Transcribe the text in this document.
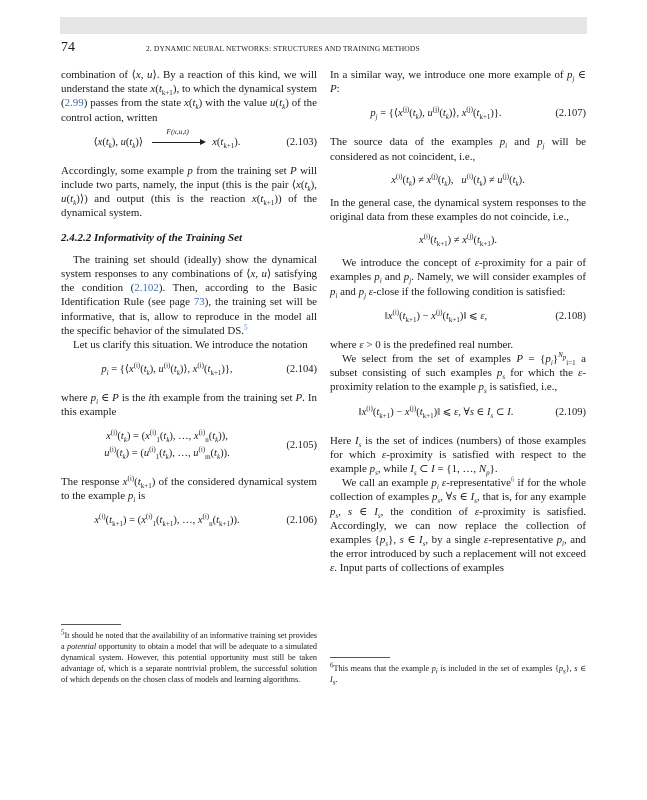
74	2. DYNAMIC NEURAL NETWORKS: STRUCTURES AND TRAINING METHODS

combination of ⟨x, u⟩. By a reaction of this kind, we will understand the state $x(t_{k+1})$, to which the dynamical system (2.99) passes from the state $x(t_k)$ with the value $u(t_k)$ of the control action, written

$⟨x(t_k)$, $u(t_k)⟩$
F(x,u,t)
$x(t_{k+1})$.	(2.103)

Accordingly, some example p from the training set P will include two parts, namely, the input (this is the pair $⟨x(t_k)$, $u(t_k)⟩$) and output (this is the reaction $x(t_{k+1})$) of the dynamical system.

2.4.2.2 Informativity of the Training Set

The training set should (ideally) show the dynamical system responses to any combinations of ⟨x, u⟩ satisfying the condition (2.102). Then, according to the Basic Identification Rule (see page 73), the training set will be informative, that is, allow to reproduce in the model all the specific behavior of the simulated DS.$^5$

Let us clarify this situation. We introduce the notation

$p_i$ = {$⟨x^{(i)}(t_k)$, $u^{(i)}(t_k)⟩$, $x^{(i)}(t_{k+1})$},	(2.104)

where $p_i$ ∈ P is the ith example from the training set P. In this example

$x^{(i)}(t_k) = (x^{(i)}_1(t_k)$, …, $x^{(i)}_n(t_k)$),
$u^{(i)}(t_k) = (u^{(i)}_1(t_k)$, …, $u^{(i)}_m(t_k)$).
(2.105)

The response $x^{(i)}(t_{k+1})$ of the considered dynamical system to the example $p_i$ is

$x^{(i)}(t_{k+1}) = (x^{(i)}_1(t_{k+1})$, …, $x^{(i)}_n(t_{k+1})$).	(2.106)
$^5$It should be noted that the availability of an informative training set provides a potential opportunity to obtain a model that will be adequate to a simulated dynamical system. However, this potential opportunity must still be taken advantage of, which is a separate nontrivial problem, the successful solution of which depends on the chosen class of models and learning algorithms.

In a similar way, we introduce one more example of $p_j$ ∈ P:

$p_j$ = {$⟨x^{(j)}(t_k)$, $u^{(j)}(t_k)⟩$, $x^{(j)}(t_{k+1})$}.	(2.107)

The source data of the examples $p_i$ and $p_j$ will be considered as not coincident, i.e.,

$x^{(i)}(t_k) \ne x^{(j)}(t_k)$,   $u^{(i)}(t_k) \ne u^{(j)}(t_k)$.

In the general case, the dynamical system responses to the original data from these examples do not coincide, i.e.,

$x^{(i)}(t_{k+1}) \ne x^{(j)}(t_{k+1})$.

We introduce the concept of ε-proximity for a pair of examples $p_i$ and $p_j$. Namely, we will consider examples of $p_i$ and $p_j$ ε-close if the following condition is satisfied:

$‖x^{(i)}(t_{k+1})$ − $x^{(j)}(t_{k+1})‖$ ⩽ ε,	(2.108)

where ε > 0 is the predefined real number.

We select from the set of examples $P = \{p_i\}^{N_p}_{i=1}$ a subset consisting of such examples $p_s$ for which the ε-proximity relation to the example $p_s$ is satisfied, i.e.,

$‖x^{(i)}(t_{k+1})$ − $x^{(j)}(t_{k+1})‖$ ⩽ ε, ∀s ∈ $I_s$ ⊂ I.	(2.109)

Here $I_s$ is the set of indices (numbers) of those examples for which ε-proximity is satisfied with respect to the example $p_s$, while $I_s$ ⊂ I = {1, …, $N_p$}.

We call an example $p_i$ ε-representative$^6$ if for the whole collection of examples $p_s$, ∀s ∈ $I_s$, that is, for any example $p_s$, s ∈ $I_s$, the condition of ε-proximity is satisfied. Accordingly, we can now replace the collection of examples $\{p_s\}$, s ∈ $I_s$, by a single ε-representative $p_i$, and the error introduced by such a replacement will not exceed ε. Input parts of collections of examples

$^6$This means that the example $p_i$ is included in the set of examples $\{p_s\}$, s ∈ $I_s$.
